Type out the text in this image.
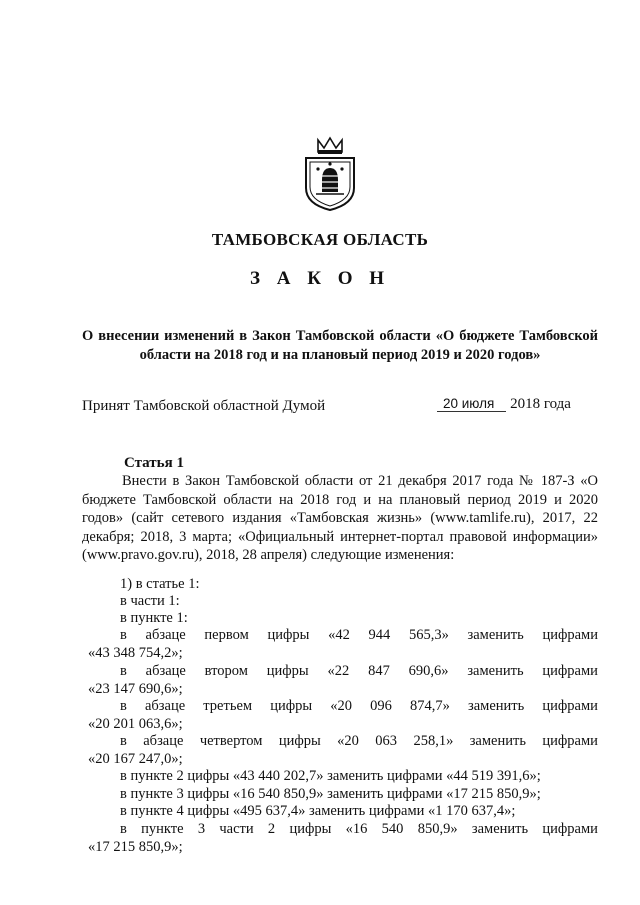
ТАМБОВСКАЯ ОБЛАСТЬ
З А К О Н
О внесении изменений в Закон Тамбовской области «О бюджете Тамбовской области на 2018 год и на плановый период 2019 и 2020 годов»
Принят Тамбовской областной Думой	20 июля 2018 года
Статья 1
Внести в Закон Тамбовской области от 21 декабря 2017 года № 187-З «О бюджете Тамбовской области на 2018 год и на плановый период 2019 и 2020 годов» (сайт сетевого издания «Тамбовская жизнь» (www.tamlife.ru), 2017, 22 декабря; 2018, 3 марта; «Официальный интернет-портал правовой информации» (www.pravo.gov.ru), 2018, 28 апреля) следующие изменения:
1) в статье 1:
в части 1:
в пункте 1:
в абзаце первом цифры «42 944 565,3» заменить цифрами
«43 348 754,2»;
в абзаце втором цифры «22 847 690,6» заменить цифрами
«23 147 690,6»;
в абзаце третьем цифры «20 096 874,7» заменить цифрами
«20 201 063,6»;
в абзаце четвертом цифры «20 063 258,1» заменить цифрами
«20 167 247,0»;
в пункте 2 цифры «43 440 202,7» заменить цифрами «44 519 391,6»;
в пункте 3 цифры «16 540 850,9» заменить цифрами «17 215 850,9»;
в пункте 4 цифры «495 637,4» заменить цифрами «1 170 637,4»;
в пункте 3 части 2 цифры «16 540 850,9» заменить цифрами
«17 215 850,9»;
